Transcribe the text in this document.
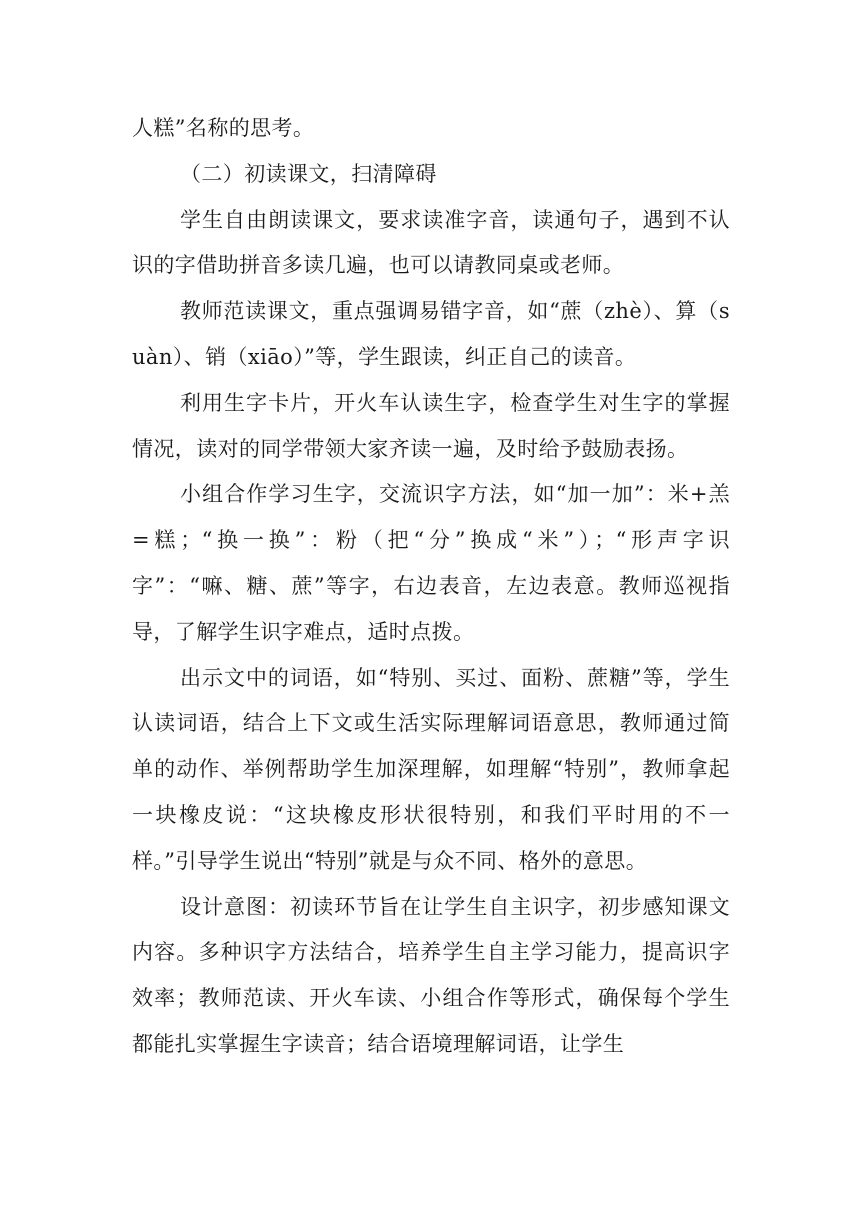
人糕”名称的思考。

（二）初读课文，扫清障碍

学生自由朗读课文，要求读准字音，读通句子，遇到不认识的字借助拼音多读几遍，也可以请教同桌或老师。

教师范读课文，重点强调易错字音，如“蔗（zhè）、算（suàn）、销（xiāo）”等，学生跟读，纠正自己的读音。

利用生字卡片，开火车认读生字，检查学生对生字的掌握情况，读对的同学带领大家齐读一遍，及时给予鼓励表扬。

小组合作学习生字，交流识字方法，如“加一加”：米+羔=糕；“换一换”：粉（把“分”换成“米”）；“形声字识字”：“嘛、糖、蔗”等字，右边表音，左边表意。教师巡视指导，了解学生识字难点，适时点拨。

出示文中的词语，如“特别、买过、面粉、蔗糖”等，学生认读词语，结合上下文或生活实际理解词语意思，教师通过简单的动作、举例帮助学生加深理解，如理解“特别”，教师拿起一块橡皮说：“这块橡皮形状很特别，和我们平时用的不一样。”引导学生说出“特别”就是与众不同、格外的意思。

设计意图：初读环节旨在让学生自主识字，初步感知课文内容。多种识字方法结合，培养学生自主学习能力，提高识字效率；教师范读、开火车读、小组合作等形式，确保每个学生都能扎实掌握生字读音；结合语境理解词语，让学生
